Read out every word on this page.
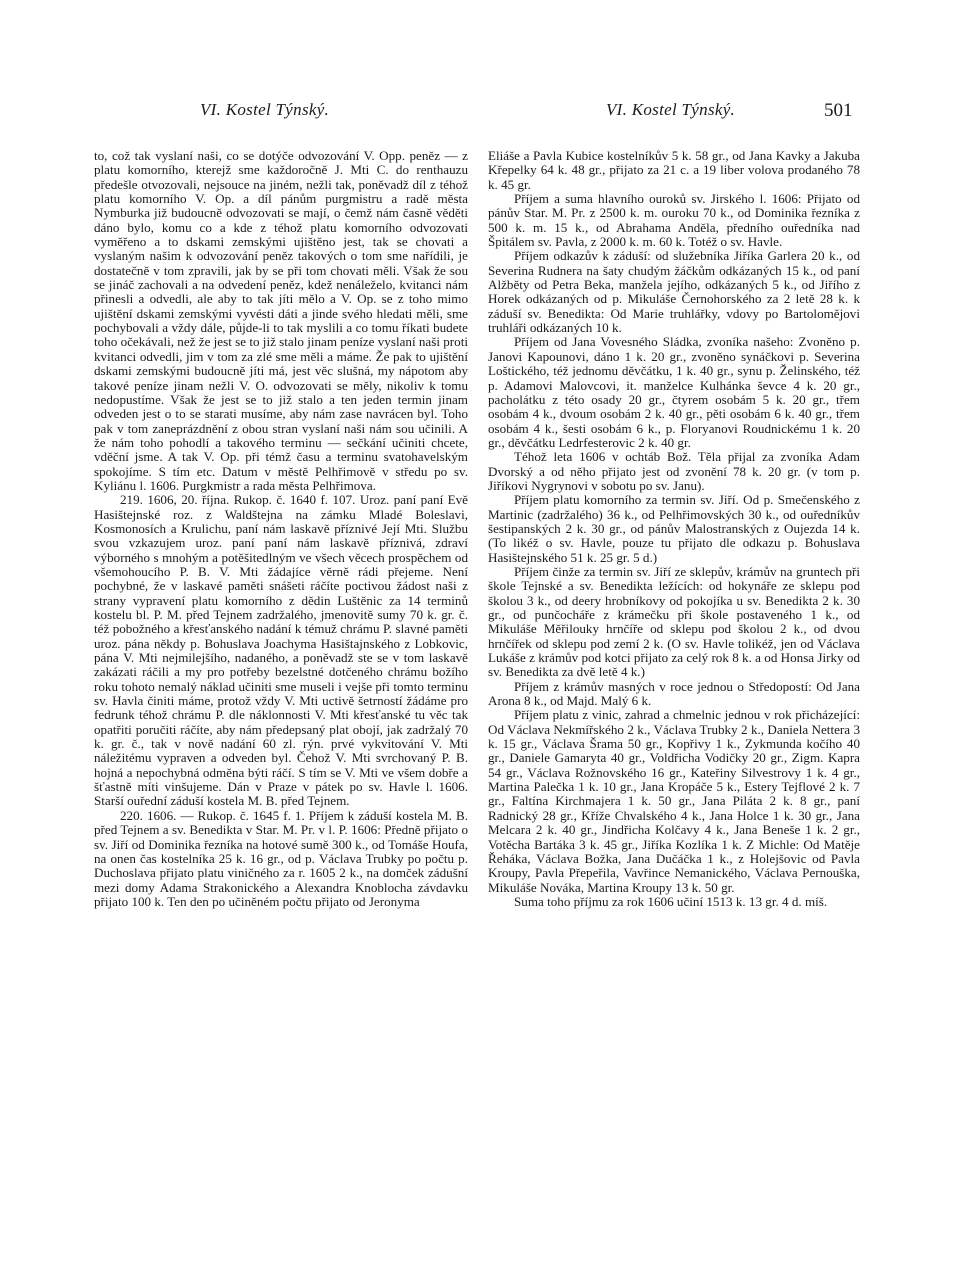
VI. Kostel Týnský.	VI. Kostel Týnský.	501

to, což tak vyslaní naši, co se dotýče odvozování V. Opp. peněz — z platu komorního, kterejž sme každoročně J. Mti C. do renthauzu předešle otvozovali, nejsouce na jiném, nežli tak, poněvadž díl z téhož platu komorního V. Op. a díl pánům purgmistru a radě města Nymburka již budoucně odvozovati se mají, o čemž nám časně věděti dáno bylo, komu co a kde z téhož platu komorního odvozovati vyměřeno a to dskami zemskými ujištěno jest, tak se chovati a vyslaným našim k odvozování peněz takových o tom sme nařídili, je dostatečně v tom zpravili, jak by se při tom chovati měli. Však že sou se jináč zachovali a na odvedení peněz, kdež nenáleželo, kvitanci nám přinesli a odvedli, ale aby to tak jíti mělo a V. Op. se z toho mimo ujištění dskami zemskými vyvésti dáti a jinde svého hledati měli, sme pochybovali a vždy dále, půjde-li to tak myslili a co tomu říkati budete toho očekávali, než že jest se to již stalo jinam peníze vyslaní naši proti kvitanci odvedli, jim v tom za zlé sme měli a máme. Že pak to ujištění dskami zemskými budoucně jíti má, jest věc slušná, my nápotom aby takové peníze jinam nežli V. O. odvozovati se měly, nikoliv k tomu nedopustíme. Však že jest se to již stalo a ten jeden termin jinam odveden jest o to se starati musíme, aby nám zase navrácen byl. Toho pak v tom zaneprázdnění z obou stran vyslaní naši nám sou učinili. A že nám toho pohodlí a takového terminu — sečkání učiniti chcete, vděční jsme. A tak V. Op. při témž času a terminu svatohavelským spokojíme. S tím etc. Datum v městě Pelhřimově v středu po sv. Kyliánu l. 1606. Purgkmistr a rada města Pelhřimova.

219. 1606, 20. října. Rukop. č. 1640 f. 107. Uroz. paní paní Evě Hasištejnské roz. z Waldštejna na zámku Mladé Boleslavi, Kosmonosích a Krulichu, paní nám laskavě příznivé Její Mti. Službu svou vzkazujem uroz. paní paní nám laskavě příznivá, zdraví výborného s mnohým a potěšitedlným ve všech věcech prospěchem od všemohoucího P. B. V. Mti žádajíce věrně rádi přejeme. Není pochybné, že v laskavé paměti snášeti ráčíte poctivou žádost naši z strany vypravení platu komorního z dědin Luštěnic za 14 terminů kostelu bl. P. M. před Tejnem zadržalého, jmenovitě sumy 70 k. gr. č. též pobožného a křesťanského nadání k témuž chrámu P. slavné paměti uroz. pána někdy p. Bohuslava Joachyma Hasištajnského z Lobkovic, pána V. Mti nejmilejšího, nadaného, a poněvadž ste se v tom laskavě zakázati ráčili a my pro potřeby bezelstné dotčeného chrámu božího roku tohoto nemalý náklad učiniti sme museli i vejše při tomto terminu sv. Havla činiti máme, protož vždy V. Mti uctivě šetrností žádáme pro fedrunk téhož chrámu P. dle náklonnosti V. Mti křesťanské tu věc tak opatřiti poručiti ráčíte, aby nám předepsaný plat obojí, jak zadržalý 70 k. gr. č., tak v nově nadání 60 zl. rýn. prvé vykvitování V. Mti náležitému vypraven a odveden byl. Čehož V. Mti svrchovaný P. B. hojná a nepochybná odměna býti ráčí. S tím se V. Mti ve všem dobře a šťastně míti vinšujeme. Dán v Praze v pátek po sv. Havle l. 1606. Starší ouřední záduší kostela M. B. před Tejnem.

220. 1606. — Rukop. č. 1645 f. 1. Příjem k záduší kostela M. B. před Tejnem a sv. Benedikta v Star. M. Pr. v l. P. 1606: Předně přijato o sv. Jiří od Dominika řezníka na hotové sumě 300 k., od Tomáše Houfa, na onen čas kostelníka 25 k. 16 gr., od p. Václava Trubky po počtu p. Duchoslava přijato platu viničného za r. 1605 2 k., na domček zádušní mezi domy Adama Strakonického a Alexandra Knoblocha závdavku přijato 100 k. Ten den po učiněném počtu přijato od Jeronyma

Eliáše a Pavla Kubice kostelníkův 5 k. 58 gr., od Jana Kavky a Jakuba Křepelky 64 k. 48 gr., přijato za 21 c. a 19 liber volova prodaného 78 k. 45 gr.

Příjem a suma hlavního ouroků sv. Jirského l. 1606: Přijato od pánův Star. M. Pr. z 2500 k. m. ouroku 70 k., od Dominika řezníka z 500 k. m. 15 k., od Abrahama Anděla, předního ouředníka nad Špitálem sv. Pavla, z 2000 k. m. 60 k. Totéž o sv. Havle.

Příjem odkazův k záduší: od služebníka Jiříka Garlera 20 k., od Severina Rudnera na šaty chudým žáčkům odkázaných 15 k., od paní Alžběty od Petra Beka, manžela jejího, odkázaných 5 k., od Jiřího z Horek odkázaných od p. Mikuláše Černohorského za 2 letě 28 k. k záduší sv. Benedikta: Od Marie truhlářky, vdovy po Bartolomějovi truhláři odkázaných 10 k.

Příjem od Jana Vovesného Sládka, zvoníka našeho: Zvoněno p. Janovi Kapounovi, dáno 1 k. 20 gr., zvoněno synáčkovi p. Severina Loštického, též jednomu děvčátku, 1 k. 40 gr., synu p. Želinského, též p. Adamovi Malovcovi, it. manželce Kulhánka ševce 4 k. 20 gr., pacholátku z této osady 20 gr., čtyrem osobám 5 k. 20 gr., třem osobám 4 k., dvoum osobám 2 k. 40 gr., pěti osobám 6 k. 40 gr., třem osobám 4 k., šesti osobám 6 k., p. Floryanovi Roudnickému 1 k. 20 gr., děvčátku Ledrfesterovic 2 k. 40 gr.

Téhož leta 1606 v ochtáb Bož. Těla přijal za zvoníka Adam Dvorský a od něho přijato jest od zvonění 78 k. 20 gr. (v tom p. Jiříkovi Nygrynovi v sobotu po sv. Janu).

Příjem platu komorního za termin sv. Jiří. Od p. Smečenského z Martinic (zadržalého) 36 k., od Pelhřimovských 30 k., od ouředníkův šestipanských 2 k. 30 gr., od pánův Malostranských z Oujezda 14 k. (To likéž o sv. Havle, pouze tu přijato dle odkazu p. Bohuslava Hasištejnského 51 k. 25 gr. 5 d.)

Příjem činže za termin sv. Jiří ze sklepův, krámův na gruntech při škole Tejnské a sv. Benedikta ležících: od hokynáře ze sklepu pod školou 3 k., od deery hrobníkovy od pokojíka u sv. Benedikta 2 k. 30 gr., od punčocháře z krámečku při škole postaveného 1 k., od Mikuláše Měřilouky hrnčíře od sklepu pod školou 2 k., od dvou hrnčířek od sklepu pod zemí 2 k. (O sv. Havle tolikéž, jen od Václava Lukáše z krámův pod kotci přijato za celý rok 8 k. a od Honsa Jirky od sv. Benedikta za dvě letě 4 k.)

Příjem z krámův masných v roce jednou o Středopostí: Od Jana Arona 8 k., od Majd. Malý 6 k.

Příjem platu z vinic, zahrad a chmelnic jednou v rok přicházející: Od Václava Nekmířského 2 k., Václava Trubky 2 k., Daniela Nettera 3 k. 15 gr., Václava Šrama 50 gr., Kopřivy 1 k., Zykmunda kočího 40 gr., Daniele Gamaryta 40 gr., Voldřicha Vodičky 20 gr., Zigm. Kapra 54 gr., Václava Rožnovského 16 gr., Kateřiny Silvestrovy 1 k. 4 gr., Martina Palečka 1 k. 10 gr., Jana Kropáče 5 k., Estery Tejflové 2 k. 7 gr., Faltína Kirchmajera 1 k. 50 gr., Jana Piláta 2 k. 8 gr., paní Radnický 28 gr., Kříže Chvalského 4 k., Jana Holce 1 k. 30 gr., Jana Melcara 2 k. 40 gr., Jindřicha Kolčavy 4 k., Jana Beneše 1 k. 2 gr., Votěcha Bartáka 3 k. 45 gr., Jiříka Kozlíka 1 k. Z Michle: Od Matěje Řeháka, Václava Božka, Jana Dučáčka 1 k., z Holejšovic od Pavla Kroupy, Pavla Přepeřila, Vavřince Nemanického, Václava Pernouška, Mikuláše Nováka, Martina Kroupy 13 k. 50 gr.

Suma toho příjmu za rok 1606 učiní 1513 k. 13 gr. 4 d. míš.
